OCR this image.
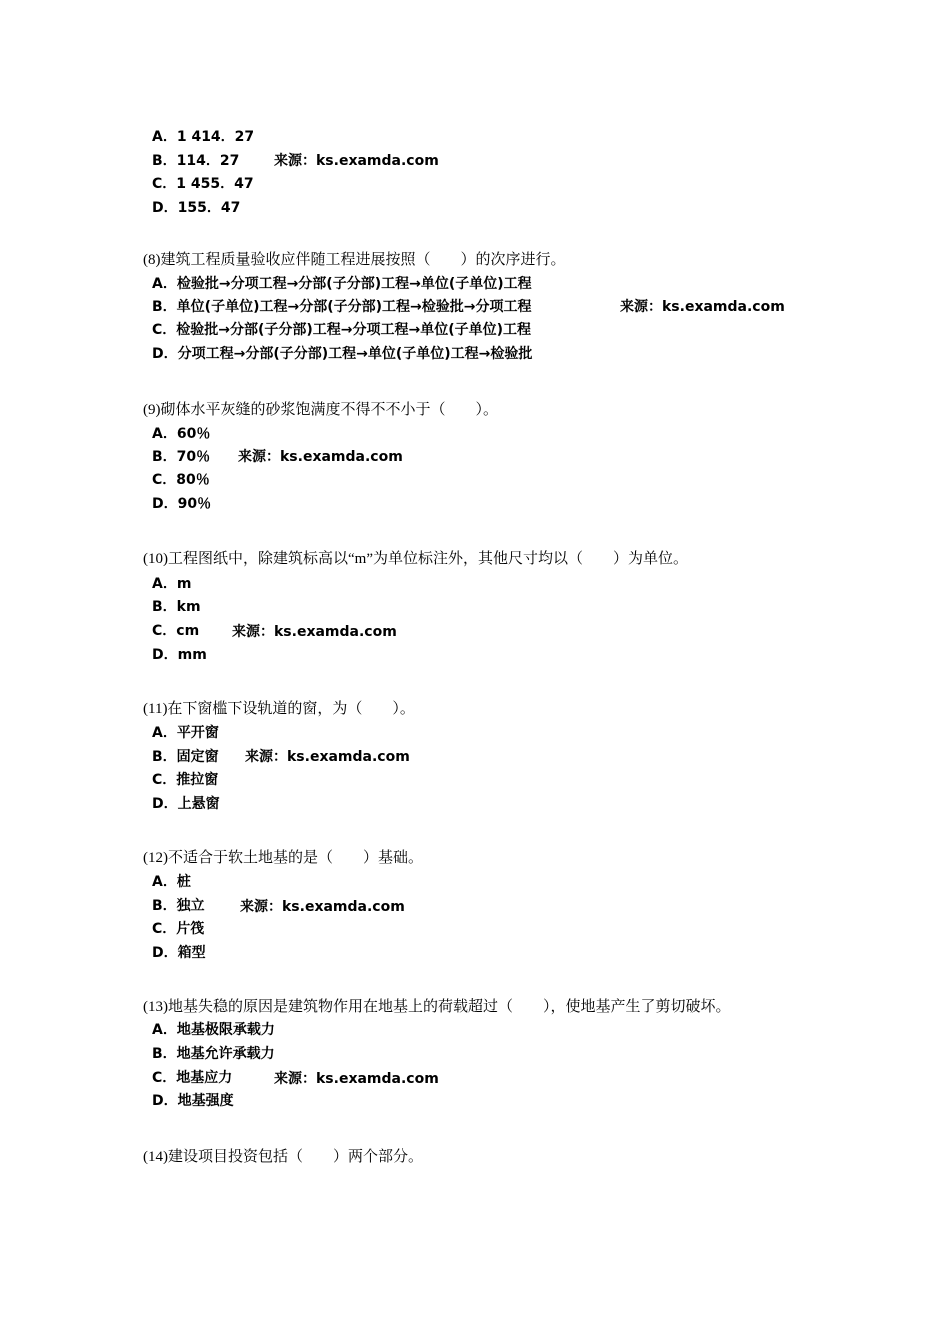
A．1 414．27
B．114．27 来源：ks.examda.com
C．1 455．47
D．155．47
(8)建筑工程质量验收应伴随工程进展按照（　　）的次序进行。
A．检验批→分项工程→分部(子分部)工程→单位(子单位)工程
B．单位(子单位)工程→分部(子分部)工程→检验批→分项工程	来源：ks.examda.com
C．检验批→分部(子分部)工程→分项工程→单位(子单位)工程
D．分项工程→分部(子分部)工程→单位(子单位)工程→检验批
(9)砌体水平灰缝的砂浆饱满度不得不不小于（　　）。
A．60％
B．70％ 来源：ks.examda.com
C．80％
D．90％
(10)工程图纸中，除建筑标高以“m”为单位标注外，其他尺寸均以（　　）为单位。
A．m
B．km
C．cm 来源：ks.examda.com
D．mm
(11)在下窗槛下设轨道的窗，为（　　）。
A．平开窗
B．固定窗 来源：ks.examda.com
C．推拉窗
D．上悬窗
(12)不适合于软土地基的是（　　）基础。
A．桩
B．独立	来源：ks.examda.com
C．片筏
D．箱型
(13)地基失稳的原因是建筑物作用在地基上的荷载超过（　　），使地基产生了剪切破坏。
A．地基极限承载力
B．地基允许承载力
C．地基应力	来源：ks.examda.com
D．地基强度
(14)建设项目投资包括（　　）两个部分。
